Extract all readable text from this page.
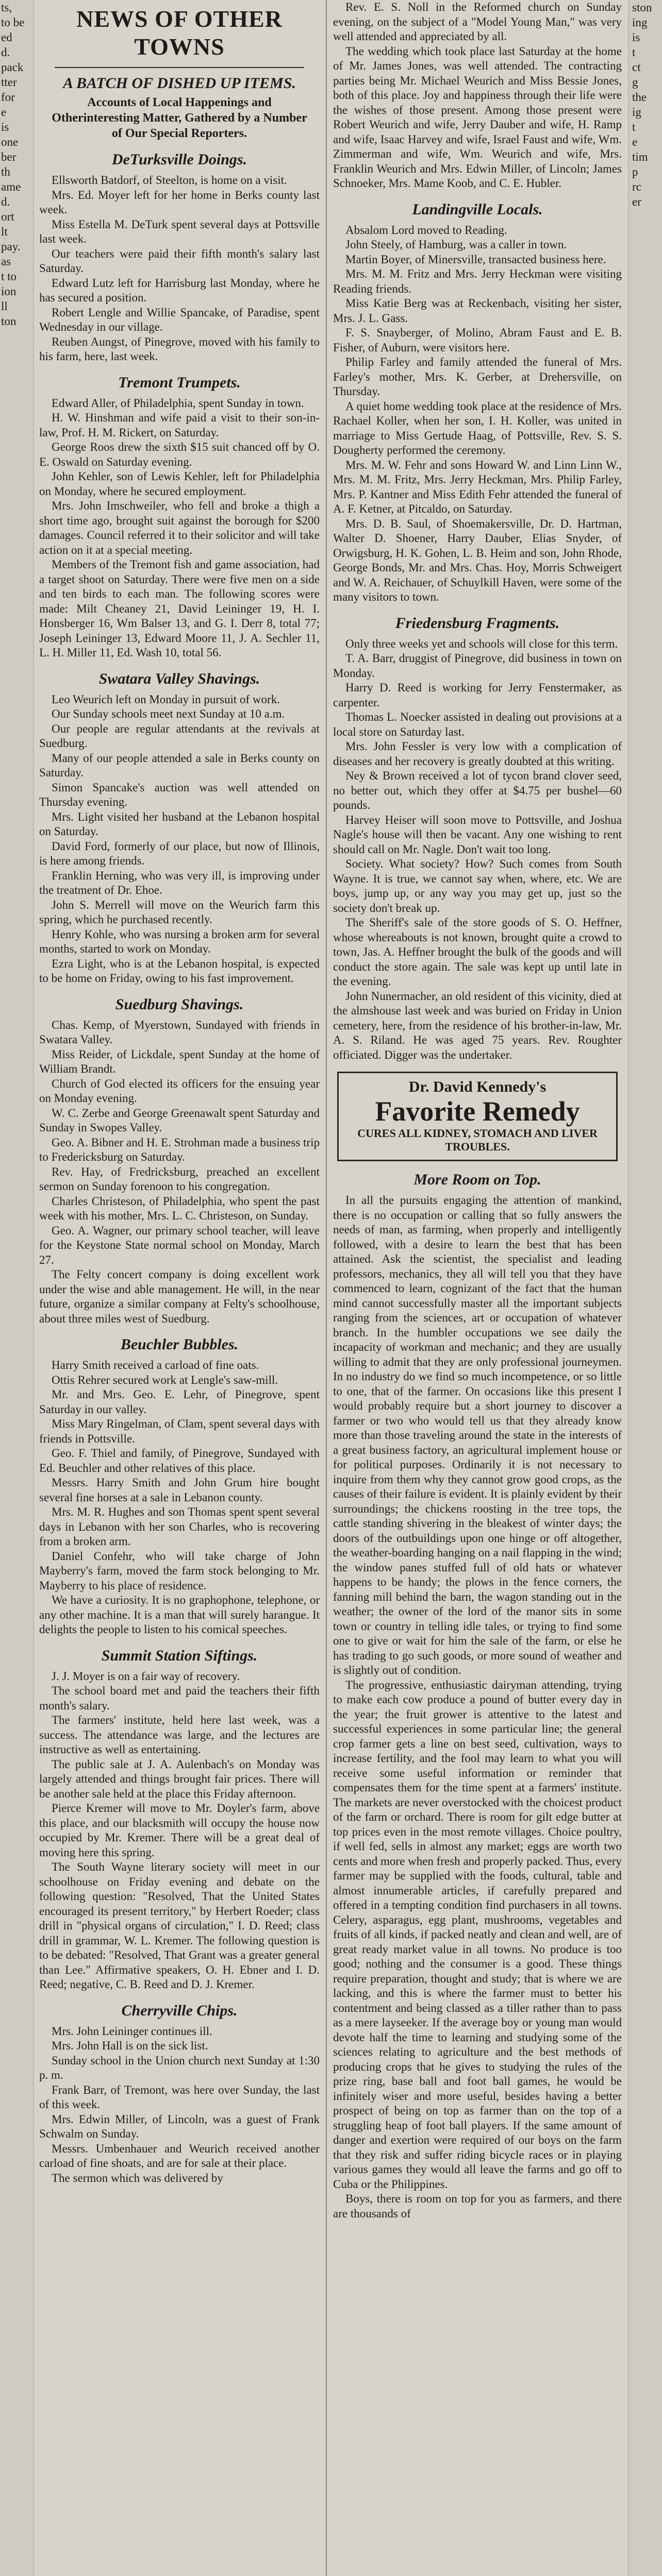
ts,

to be

ed

d.

pack

tter

for

e

is

one

ber

th

ame

d.

ort

lt

pay.

as

t to

ion

ll

ton

NEWS OF OTHER TOWNS
A BATCH OF DISHED UP ITEMS.
Accounts of Local Happenings and Otherinteresting Matter, Gathered by a Number of Our Special Reporters.
DeTurksville Doings.

Ellsworth Batdorf, of Steelton, is home on a visit.

Mrs. Ed. Moyer left for her home in Berks county last week.

Miss Estella M. DeTurk spent several days at Pottsville last week.

Our teachers were paid their fifth month's salary last Saturday.

Edward Lutz left for Harrisburg last Monday, where he has secured a position.

Robert Lengle and Willie Spancake, of Paradise, spent Wednesday in our village.

Reuben Aungst, of Pinegrove, moved with his family to his farm, here, last week.

Tremont Trumpets.

Edward Aller, of Philadelphia, spent Sunday in town.

H. W. Hinshman and wife paid a visit to their son-in-law, Prof. H. M. Rickert, on Saturday.

George Roos drew the sixth $15 suit chanced off by O. E. Oswald on Saturday evening.

John Kehler, son of Lewis Kehler, left for Philadelphia on Monday, where he secured employment.

Mrs. John Imschweiler, who fell and broke a thigh a short time ago, brought suit against the borough for $200 damages. Council referred it to their solicitor and will take action on it at a special meeting.

Members of the Tremont fish and game association, had a target shoot on Saturday. There were five men on a side and ten birds to each man. The following scores were made: Milt Cheaney 21, David Leininger 19, H. I. Honsberger 16, Wm Balser 13, and G. I. Derr 8, total 77; Joseph Leininger 13, Edward Moore 11, J. A. Sechler 11, L. H. Miller 11, Ed. Wash 10, total 56.

Swatara Valley Shavings.

Leo Weurich left on Monday in pursuit of work.

Our Sunday schools meet next Sunday at 10 a.m.

Our people are regular attendants at the revivals at Suedburg.

Many of our people attended a sale in Berks county on Saturday.

Simon Spancake's auction was well attended on Thursday evening.

Mrs. Light visited her husband at the Lebanon hospital on Saturday.

David Ford, formerly of our place, but now of Illinois, is here among friends.

Franklin Herning, who was very ill, is improving under the treatment of Dr. Ehoe.

John S. Merrell will move on the Weurich farm this spring, which he purchased recently.

Henry Kohle, who was nursing a broken arm for several months, started to work on Monday.

Ezra Light, who is at the Lebanon hospital, is expected to be home on Friday, owing to his fast improvement.

Suedburg Shavings.

Chas. Kemp, of Myerstown, Sundayed with friends in Swatara Valley.

Miss Reider, of Lickdale, spent Sunday at the home of William Brandt.

Church of God elected its officers for the ensuing year on Monday evening.

W. C. Zerbe and George Greenawalt spent Saturday and Sunday in Swopes Valley.

Geo. A. Bibner and H. E. Strohman made a business trip to Fredericksburg on Saturday.

Rev. Hay, of Fredricksburg, preached an excellent sermon on Sunday forenoon to his congregation.

Charles Christeson, of Philadelphia, who spent the past week with his mother, Mrs. L. C. Christeson, on Sunday.

Geo. A. Wagner, our primary school teacher, will leave for the Keystone State normal school on Monday, March 27.

The Felty concert company is doing excellent work under the wise and able management. He will, in the near future, organize a similar company at Felty's schoolhouse, about three miles west of Suedburg.

Beuchler Bubbles.

Harry Smith received a carload of fine oats.

Ottis Rehrer secured work at Lengle's saw-mill.

Mr. and Mrs. Geo. E. Lehr, of Pinegrove, spent Saturday in our valley.

Miss Mary Ringelman, of Clam, spent several days with friends in Pottsville.

Geo. F. Thiel and family, of Pinegrove, Sundayed with Ed. Beuchler and other relatives of this place.

Messrs. Harry Smith and John Grum hire bought several fine horses at a sale in Lebanon county.

Mrs. M. R. Hughes and son Thomas spent spent several days in Lebanon with her son Charles, who is recovering from a broken arm.

Daniel Confehr, who will take charge of John Mayberry's farm, moved the farm stock belonging to Mr. Mayberry to his place of residence.

We have a curiosity. It is no graphophone, telephone, or any other machine. It is a man that will surely harangue. It delights the people to listen to his comical speeches.

Summit Station Siftings.

J. J. Moyer is on a fair way of recovery.

The school board met and paid the teachers their fifth month's salary.

The farmers' institute, held here last week, was a success. The attendance was large, and the lectures are instructive as well as entertaining.

The public sale at J. A. Aulenbach's on Monday was largely attended and things brought fair prices. There will be another sale held at the place this Friday afternoon.

Pierce Kremer will move to Mr. Doyler's farm, above this place, and our blacksmith will occupy the house now occupied by Mr. Kremer. There will be a great deal of moving here this spring.

The South Wayne literary society will meet in our schoolhouse on Friday evening and debate on the following question: "Resolved, That the United States encouraged its present territory," by Herbert Roeder; class drill in "physical organs of circulation," I. D. Reed; class drill in grammar, W. L. Kremer. The following question is to be debated: "Resolved, That Grant was a greater general than Lee." Affirmative speakers, O. H. Ebner and I. D. Reed; negative, C. B. Reed and D. J. Kremer.

Cherryville Chips.

Mrs. John Leininger continues ill.

Mrs. John Hall is on the sick list.

Sunday school in the Union church next Sunday at 1:30 p. m.

Frank Barr, of Tremont, was here over Sunday, the last of this week.

Mrs. Edwin Miller, of Lincoln, was a guest of Frank Schwalm on Sunday.

Messrs. Umbenhauer and Weurich received another carload of fine shoats, and are for sale at their place.

The sermon which was delivered by

Rev. E. S. Noll in the Reformed church on Sunday evening, on the subject of a "Model Young Man," was very well attended and appreciated by all.

The wedding which took place last Saturday at the home of Mr. James Jones, was well attended. The contracting parties being Mr. Michael Weurich and Miss Bessie Jones, both of this place. Joy and happiness through their life were the wishes of those present. Among those present were Robert Weurich and wife, Jerry Dauber and wife, H. Ramp and wife, Isaac Harvey and wife, Israel Faust and wife, Wm. Zimmerman and wife, Wm. Weurich and wife, Mrs. Franklin Weurich and Mrs. Edwin Miller, of Lincoln; James Schnoeker, Mrs. Mame Koob, and C. E. Hubler.

Landingville Locals.

Absalom Lord moved to Reading.

John Steely, of Hamburg, was a caller in town.

Martin Boyer, of Minersville, transacted business here.

Mrs. M. M. Fritz and Mrs. Jerry Heckman were visiting Reading friends.

Miss Katie Berg was at Reckenbach, visiting her sister, Mrs. J. L. Gass.

F. S. Snayberger, of Molino, Abram Faust and E. B. Fisher, of Auburn, were visitors here.

Philip Farley and family attended the funeral of Mrs. Farley's mother, Mrs. K. Gerber, at Drehersville, on Thursday.

A quiet home wedding took place at the residence of Mrs. Rachael Koller, when her son, I. H. Koller, was united in marriage to Miss Gertude Haag, of Pottsville, Rev. S. S. Dougherty performed the ceremony.

Mrs. M. W. Fehr and sons Howard W. and Linn Linn W., Mrs. M. M. Fritz, Mrs. Jerry Heckman, Mrs. Philip Farley, Mrs. P. Kantner and Miss Edith Fehr attended the funeral of A. F. Ketner, at Pitcaldo, on Saturday.

Mrs. D. B. Saul, of Shoemakersville, Dr. D. Hartman, Walter D. Shoener, Harry Dauber, Elias Snyder, of Orwigsburg, H. K. Gohen, L. B. Heim and son, John Rhode, George Bonds, Mr. and Mrs. Chas. Hoy, Morris Schweigert and W. A. Reichauer, of Schuylkill Haven, were some of the many visitors to town.

Friedensburg Fragments.

Only three weeks yet and schools will close for this term.

T. A. Barr, druggist of Pinegrove, did business in town on Monday.

Harry D. Reed is working for Jerry Fenstermaker, as carpenter.

Thomas L. Noecker assisted in dealing out provisions at a local store on Saturday last.

Mrs. John Fessler is very low with a complication of diseases and her recovery is greatly doubted at this writing.

Ney & Brown received a lot of tycon brand clover seed, no better out, which they offer at $4.75 per bushel—60 pounds.

Harvey Heiser will soon move to Pottsville, and Joshua Nagle's house will then be vacant. Any one wishing to rent should call on Mr. Nagle. Don't wait too long.

Society. What society? How? Such comes from South Wayne. It is true, we cannot say when, where, etc. We are boys, jump up, or any way you may get up, just so the society don't break up.

The Sheriff's sale of the store goods of S. O. Heffner, whose whereabouts is not known, brought quite a crowd to town, Jas. A. Heffner brought the bulk of the goods and will conduct the store again. The sale was kept up until late in the evening.

John Nunermacher, an old resident of this vicinity, died at the almshouse last week and was buried on Friday in Union cemetery, here, from the residence of his brother-in-law, Mr. A. S. Riland. He was aged 75 years. Rev. Roughter officiated. Digger was the undertaker.

Dr. David Kennedy's
Favorite Remedy
CURES ALL KIDNEY, STOMACH AND LIVER TROUBLES.
More Room on Top.

In all the pursuits engaging the attention of mankind, there is no occupation or calling that so fully answers the needs of man, as farming, when properly and intelligently followed, with a desire to learn the best that has been attained. Ask the scientist, the specialist and leading professors, mechanics, they all will tell you that they have commenced to learn, cognizant of the fact that the human mind cannot successfully master all the important subjects ranging from the sciences, art or occupation of whatever branch. In the humbler occupations we see daily the incapacity of workman and mechanic; and they are usually willing to admit that they are only professional journeymen. In no industry do we find so much incompetence, or so little to one, that of the farmer. On occasions like this present I would probably require but a short journey to discover a farmer or two who would tell us that they already know more than those traveling around the state in the interests of a great business factory, an agricultural implement house or for political purposes. Ordinarily it is not necessary to inquire from them why they cannot grow good crops, as the causes of their failure is evident. It is plainly evident by their surroundings; the chickens roosting in the tree tops, the cattle standing shivering in the bleakest of winter days; the doors of the outbuildings upon one hinge or off altogether, the weather-boarding hanging on a nail flapping in the wind; the window panes stuffed full of old hats or whatever happens to be handy; the plows in the fence corners, the fanning mill behind the barn, the wagon standing out in the weather; the owner of the lord of the manor sits in some town or country in telling idle tales, or trying to find some one to give or wait for him the sale of the farm, or else he has trading to go such goods, or more sound of weather and is slightly out of condition.

The progressive, enthusiastic dairyman attending, trying to make each cow produce a pound of butter every day in the year; the fruit grower is attentive to the latest and successful experiences in some particular line; the general crop farmer gets a line on best seed, cultivation, ways to increase fertility, and the fool may learn to what you will receive some useful information or reminder that compensates them for the time spent at a farmers' institute. The markets are never overstocked with the choicest product of the farm or orchard. There is room for gilt edge butter at top prices even in the most remote villages. Choice poultry, if well fed, sells in almost any market; eggs are worth two cents and more when fresh and properly packed. Thus, every farmer may be supplied with the foods, cultural, table and almost innumerable articles, if carefully prepared and offered in a tempting condition find purchasers in all towns. Celery, asparagus, egg plant, mushrooms, vegetables and fruits of all kinds, if packed neatly and clean and well, are of great ready market value in all towns. No produce is too good; nothing and the consumer is a good. These things require preparation, thought and study; that is where we are lacking, and this is where the farmer must to better his contentment and being classed as a tiller rather than to pass as a mere layseeker. If the average boy or young man would devote half the time to learning and studying some of the sciences relating to agriculture and the best methods of producing crops that he gives to studying the rules of the prize ring, base ball and foot ball games, he would be infinitely wiser and more useful, besides having a better prospect of being on top as farmer than on the top of a struggling heap of foot ball players. If the same amount of danger and exertion were required of our boys on the farm that they risk and suffer riding bicycle races or in playing various games they would all leave the farms and go off to Cuba or the Philippines.

Boys, there is room on top for you as farmers, and there are thousands of

ston

ing

is

t

ct

g

the

ig

t

e

tim

p

rc

er
